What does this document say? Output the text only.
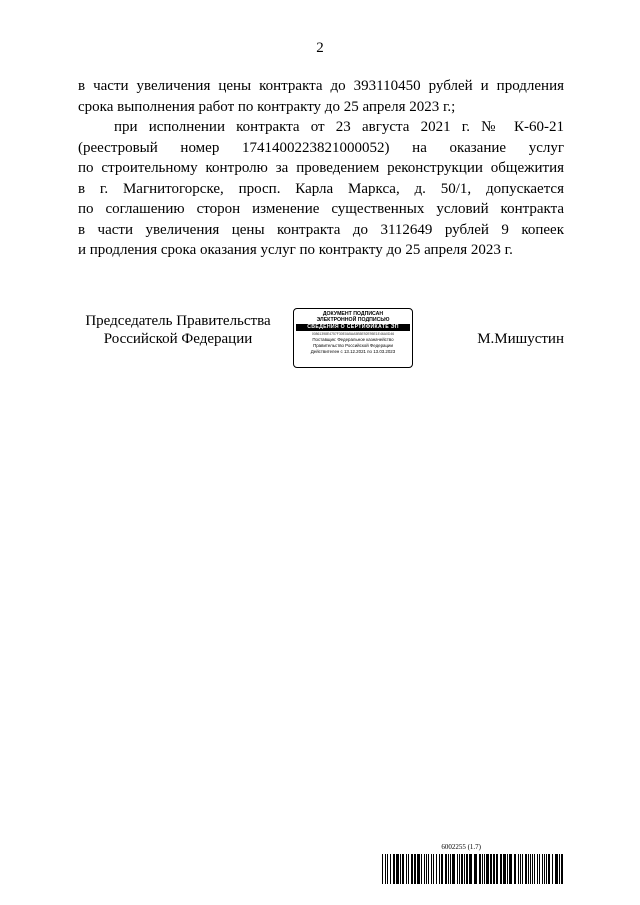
2
в части увеличения цены контракта до 393110450 рублей и продления
срока выполнения работ по контракту до 25 апреля 2023 г.;
при исполнении контракта от 23 августа 2021 г. № К-60-21
(реестровый номер 1741400223821000052) на оказание услуг
по строительному контролю за проведением реконструкции общежития
в г. Магнитогорске, просп. Карла Маркса, д. 50/1, допускается
по соглашению сторон изменение существенных условий контракта
в части увеличения цены контракта до 3112649 рублей 9 копеек
и продления срока оказания услуг по контракту до 25 апреля 2023 г.
Председатель Правительства
Российской Федерации
ДОКУМЕНТ ПОДПИСАН
ЭЛЕКТРОННОЙ ПОДПИСЬЮ
СВЕДЕНИЯ О СЕРТИФИКАТЕ ЭП
00861398E4757F30E0A5AA5B5E92E95E1E46A0D46
Поставщик: Федеральное казначейство
Правительство Российской Федерации
Действителен с 13.12.2021 по 13.03.2023
М.Мишустин
6002255 (1.7)
